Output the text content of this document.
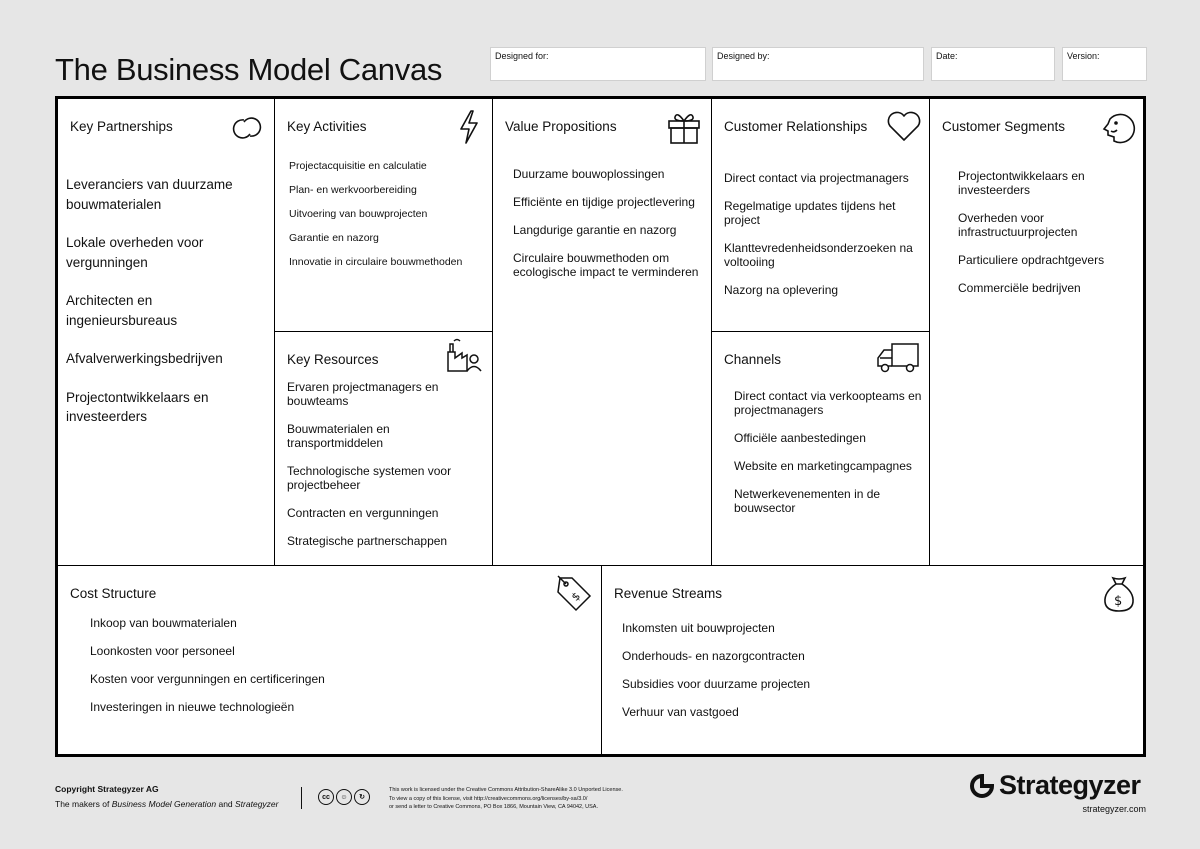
The Business Model Canvas	Designed for:	Designed by:	Date:	Version:
Key Partnerships
Leveranciers van duurzame bouwmaterialen
Lokale overheden voor vergunningen
Architecten en ingenieursbureaus
Afvalverwerkingsbedrijven
Projectontwikkelaars en investeerders
Key Activities
Projectacquisitie en calculatie
Plan- en werkvoorbereiding
Uitvoering van bouwprojecten
Garantie en nazorg
Innovatie in circulaire bouwmethoden
Key Resources
Ervaren projectmanagers en bouwteams
Bouwmaterialen en transportmiddelen
Technologische systemen voor projectbeheer
Contracten en vergunningen
Strategische partnerschappen
Value Propositions
Duurzame bouwoplossingen
Efficiënte en tijdige projectlevering
Langdurige garantie en nazorg
Circulaire bouwmethoden om ecologische impact te verminderen
Customer Relationships
Direct contact via projectmanagers
Regelmatige updates tijdens het project
Klanttevredenheidsonderzoeken na voltooiing
Nazorg na oplevering
Channels
Direct contact via verkoopteams en projectmanagers
Officiële aanbestedingen
Website en marketingcampagnes
Netwerkevenementen in de bouwsector
Customer Segments
Projectontwikkelaars en investeerders
Overheden voor infrastructuurprojecten
Particuliere opdrachtgevers
Commerciële bedrijven
Cost Structure	$
Inkoop van bouwmaterialen
Loonkosten voor personeel
Kosten voor vergunningen en certificeringen
Investeringen in nieuwe technologieën
Revenue Streams
$
Inkomsten uit bouwprojecten
Onderhouds- en nazorgcontracten
Subsidies voor duurzame projecten
Verhuur van vastgoed
Copyright Strategyzer AG
The makers of Business Model Generation and Strategyzer
cc	☺	↻
This work is licensed under the Creative Commons Attribution-ShareAlike 3.0 Unported License.
To view a copy of this license, visit http://creativecommons.org/licenses/by-sa/3.0/
or send a letter to Creative Commons, PO Box 1866, Mountain View, CA 94042, USA.
Strategyzer
strategyzer.com
